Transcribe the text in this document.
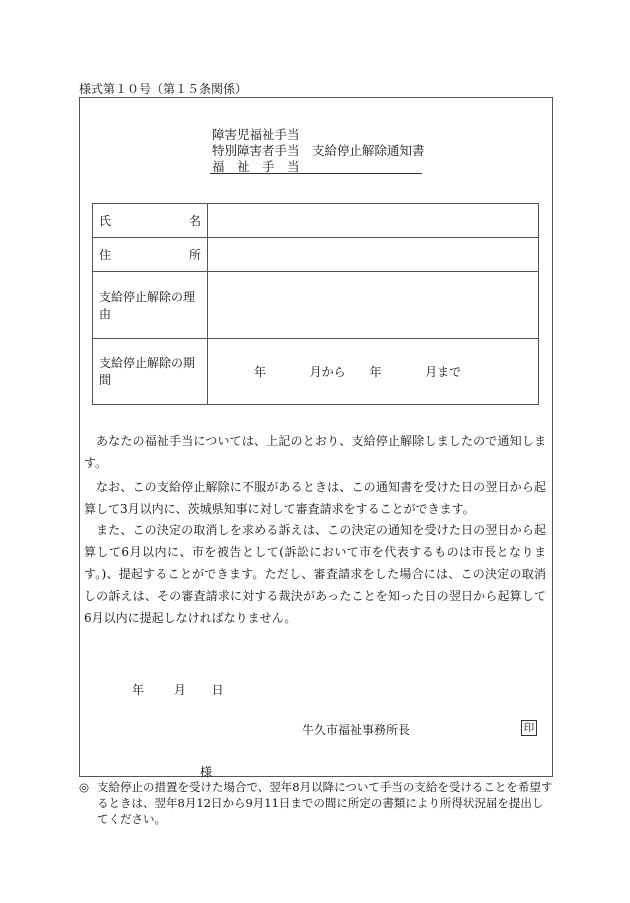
様式第１０号（第１５条関係）
障害児福祉手当
特別障害者手当　支給停止解除通知書
福　祉　手　当
氏 名	

住 所	

支給停止解除の理由	
支給停止解除の期間	年 月から 年 月まで
あなたの福祉手当については、上記のとおり、支給停止解除しましたので通知します。
なお、この支給停止解除に不服があるときは、この通知書を受けた日の翌日から起算して3月以内に、茨城県知事に対して審査請求をすることができます。
また、この決定の取消しを求める訴えは、この決定の通知を受けた日の翌日から起算して6月以内に、市を被告として(訴訟において市を代表するものは市長となります。)、提起することができます。ただし、審査請求をした場合には、この決定の取消しの訴えは、その審査請求に対する裁決があったことを知った日の翌日から起算して6月以内に提起しなければなりません。
年 月 日
牛久市福祉事務所長	印
様
◎ 支給停止の措置を受けた場合で、翌年8月以降について手当の支給を受けることを希望するときは、翌年8月12日から9月11日までの間に所定の書類により所得状況届を提出してください。
